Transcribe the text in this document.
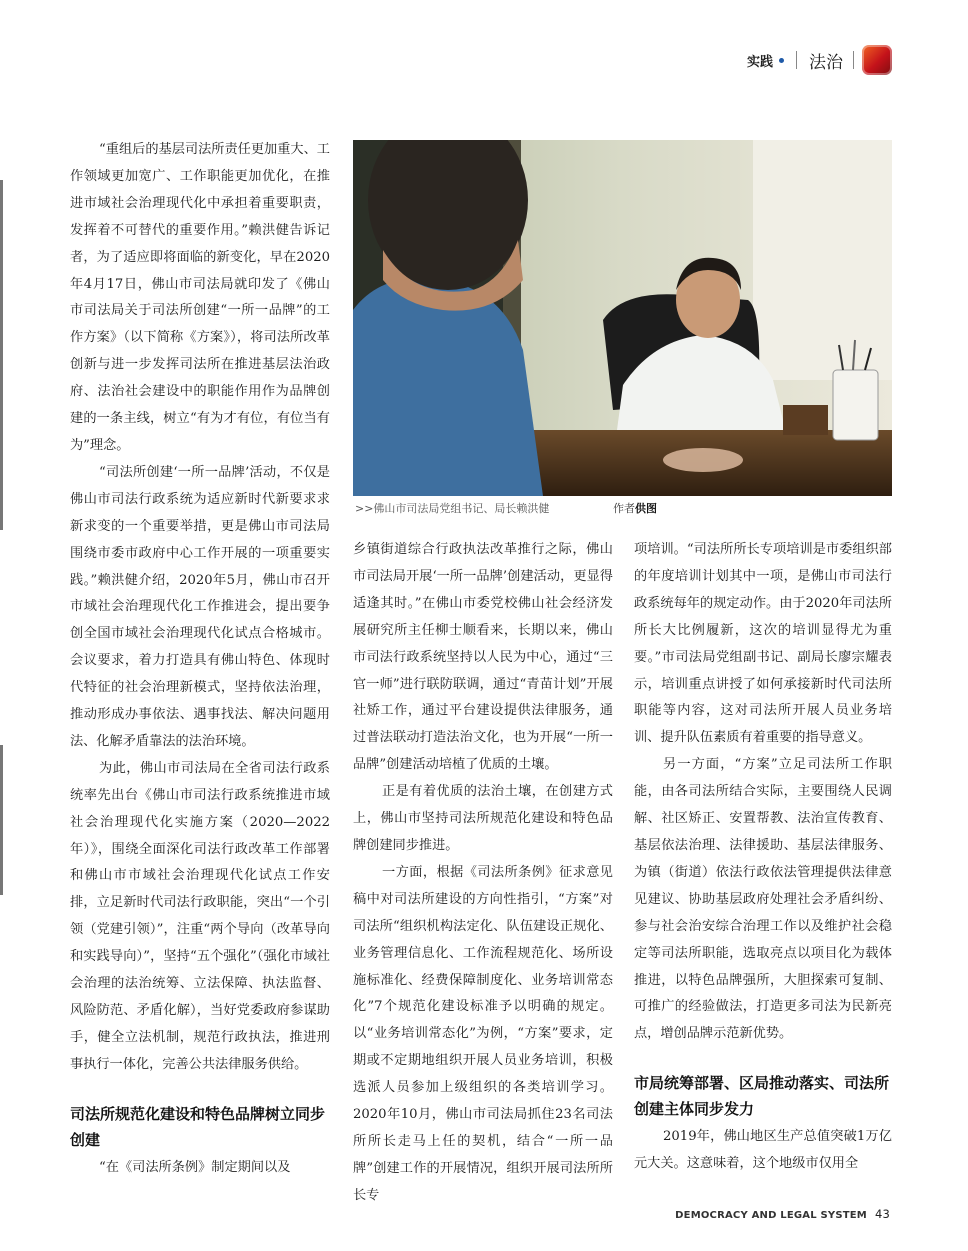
实践 法治

“重组后的基层司法所责任更加重大、工作领域更加宽广、工作职能更加优化，在推进市域社会治理现代化中承担着重要职责，发挥着不可替代的重要作用。”赖洪健告诉记者，为了适应即将面临的新变化，早在2020年4月17日，佛山市司法局就印发了《佛山市司法局关于司法所创建“一所一品牌”的工作方案》（以下简称《方案》），将司法所改革创新与进一步发挥司法所在推进基层法治政府、法治社会建设中的职能作用作为品牌创建的一条主线，树立“有为才有位，有位当有为”理念。

“司法所创建‘一所一品牌’活动，不仅是佛山市司法行政系统为适应新时代新要求求新求变的一个重要举措，更是佛山市司法局围绕市委市政府中心工作开展的一项重要实践。”赖洪健介绍，2020年5月，佛山市召开市域社会治理现代化工作推进会，提出要争创全国市域社会治理现代化试点合格城市。会议要求，着力打造具有佛山特色、体现时代特征的社会治理新模式，坚持依法治理，推动形成办事依法、遇事找法、解决问题用法、化解矛盾靠法的法治环境。

为此，佛山市司法局在全省司法行政系统率先出台《佛山市司法行政系统推进市域社会治理现代化实施方案（2020—2022年）》，围绕全面深化司法行政改革工作部署和佛山市市域社会治理现代化试点工作安排，立足新时代司法行政职能，突出“一个引领（党建引领）”，注重“两个导向（改革导向和实践导向）”，坚持“五个强化”（强化市域社会治理的法治统筹、立法保障、执法监督、风险防范、矛盾化解），当好党委政府参谋助手，健全立法机制，规范行政执法，推进刑事执行一体化，完善公共法律服务供给。

司法所规范化建设和特色品牌树立同步创建

“在《司法所条例》制定期间以及

>>佛山市司法局党组书记、局长赖洪健	作者供图

乡镇街道综合行政执法改革推行之际，佛山市司法局开展‘一所一品牌’创建活动，更显得适逢其时。”在佛山市委党校佛山社会经济发展研究所主任柳士顺看来，长期以来，佛山市司法行政系统坚持以人民为中心，通过“三官一师”进行联防联调，通过“青苗计划”开展社矫工作，通过平台建设提供法律服务，通过普法联动打造法治文化，也为开展“一所一品牌”创建活动培植了优质的土壤。

正是有着优质的法治土壤，在创建方式上，佛山市坚持司法所规范化建设和特色品牌创建同步推进。

一方面，根据《司法所条例》征求意见稿中对司法所建设的方向性指引，“方案”对司法所“组织机构法定化、队伍建设正规化、业务管理信息化、工作流程规范化、场所设施标准化、经费保障制度化、业务培训常态化”7个规范化建设标准予以明确的规定。以“业务培训常态化”为例，“方案”要求，定期或不定期地组织开展人员业务培训，积极选派人员参加上级组织的各类培训学习。2020年10月，佛山市司法局抓住23名司法所所长走马上任的契机，结合“一所一品牌”创建工作的开展情况，组织开展司法所所长专

项培训。“司法所所长专项培训是市委组织部的年度培训计划其中一项，是佛山市司法行政系统每年的规定动作。由于2020年司法所所长大比例履新，这次的培训显得尤为重要。”市司法局党组副书记、副局长廖宗耀表示，培训重点讲授了如何承接新时代司法所职能等内容，这对司法所开展人员业务培训、提升队伍素质有着重要的指导意义。

另一方面，“方案”立足司法所工作职能，由各司法所结合实际，主要围绕人民调解、社区矫正、安置帮教、法治宣传教育、基层依法治理、法律援助、基层法律服务、为镇（街道）依法行政依法管理提供法律意见建议、协助基层政府处理社会矛盾纠纷、参与社会治安综合治理工作以及维护社会稳定等司法所职能，选取亮点以项目化为载体推进，以特色品牌强所，大胆探索可复制、可推广的经验做法，打造更多司法为民新亮点，增创品牌示范新优势。

市局统筹部署、区局推动落实、司法所创建主体同步发力

2019年，佛山地区生产总值突破1万亿元大关。这意味着，这个地级市仅用全

DEMOCRACY AND LEGAL SYSTEM 43
